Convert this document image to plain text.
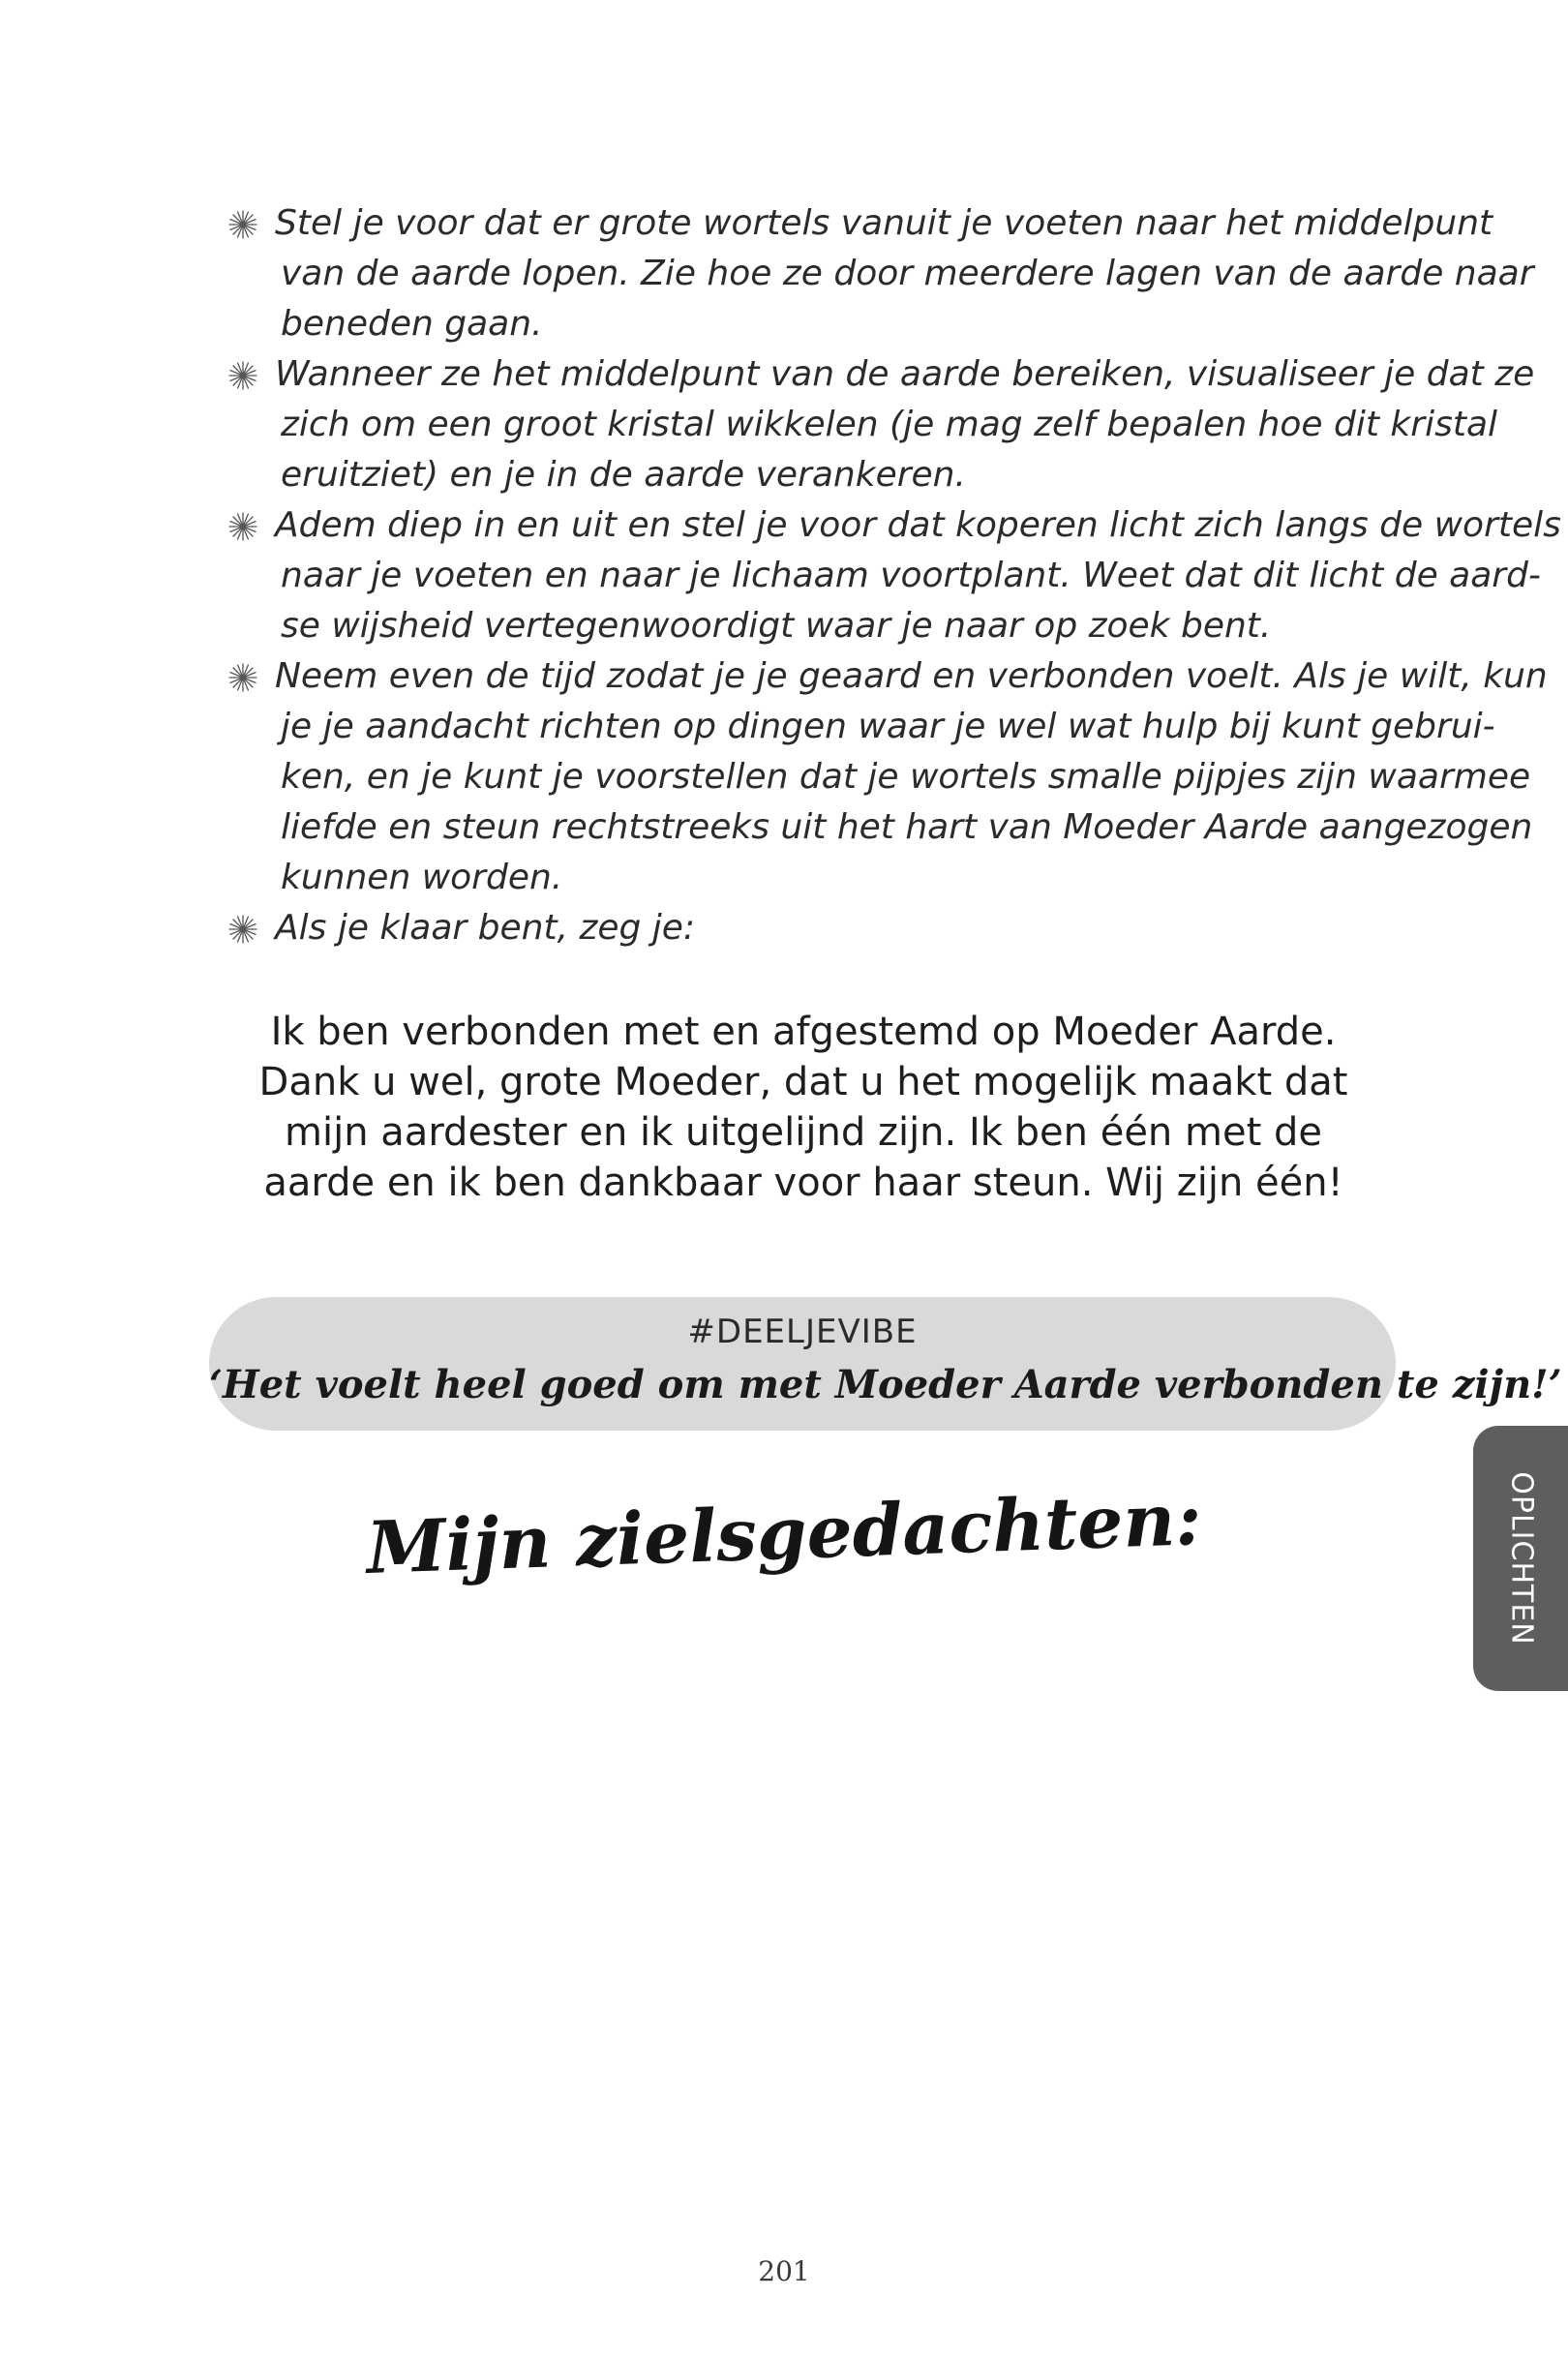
Stel je voor dat er grote wortels vanuit je voeten naar het middelpunt
van de aarde lopen. Zie hoe ze door meerdere lagen van de aarde naar
beneden gaan.
Wanneer ze het middelpunt van de aarde bereiken, visualiseer je dat ze
zich om een groot kristal wikkelen (je mag zelf bepalen hoe dit kristal
eruitziet) en je in de aarde verankeren.
Adem diep in en uit en stel je voor dat koperen licht zich langs de wortels
naar je voeten en naar je lichaam voortplant. Weet dat dit licht de aard-
se wijsheid vertegenwoordigt waar je naar op zoek bent.
Neem even de tijd zodat je je geaard en verbonden voelt. Als je wilt, kun
je je aandacht richten op dingen waar je wel wat hulp bij kunt gebrui-
ken, en je kunt je voorstellen dat je wortels smalle pijpjes zijn waarmee
liefde en steun rechtstreeks uit het hart van Moeder Aarde aangezogen
kunnen worden.
Als je klaar bent, zeg je:
Ik ben verbonden met en afgestemd op Moeder Aarde.
Dank u wel, grote Moeder, dat u het mogelijk maakt dat
mijn aardester en ik uitgelijnd zijn. Ik ben één met de
aarde en ik ben dankbaar voor haar steun. Wij zijn één!
#DEELJEVIBE
‘Het voelt heel goed om met Moeder Aarde verbonden te zijn!’
Mijn zielsgedachten:	OPLICHTEN
201
